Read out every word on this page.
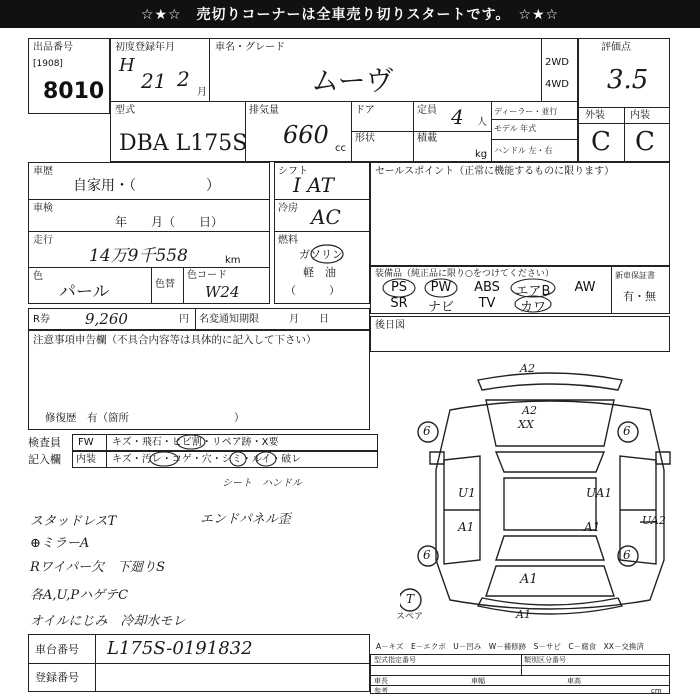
☆★☆　売切りコーナーは全車売り切りスタートです。　☆★☆
出品番号
[1908]
8010
初度登録年月
H
21 2
月
車名・グレード
ムーヴ
2WD
4WD
型式
DBA L175S
排気量
660 cc
ドア
形状
定員 4 人
積載
kg
ディーラー・並行
モデル 年式
ハンドル 左・右
評価点
3.5
外装	内装
C C
車歴
自家用・（　　　　　）
車検
年　　月（　　日）
走行
14万9千558	km
色
パール	色替
色コード
W24
シフト
I AT
冷房 AC
燃料
ガソリン
軽　油
（　　　）
セールスポイント（正常に機能するものに限ります）
装備品（純正品に限り○をつけてください）	新車保証書
有・無
PS	PW	ABS	エアB	AW
SR	ナビ	TV	カワ
R券 9,260	円 名変通知期限	月　　日
注意事項申告欄（不具合内容等は具体的に記入して下さい）
修復歴　有（箇所　　　　　　　　　　）
後日図
検査員
記入欄
FW キズ・飛石・ヒビ割・リペア跡・X要
内装 キズ・汚レ・コゲ・穴・シミ・ルイ・破レ
シート　ハンドル
スタッドレスT	エンドパネル歪
⊕ミラーA
Rワイパー欠　下廻りS
各A,U,PハゲテC
オイルにじみ　冷却水モレ
A2
A2
XX
U1
A1
UA1
A1	UA2
A1
6	6
6	6
A1
T
スペア
車台番号 L175S-0191832
登録番号
A－キズ　E－エクボ　U－凹み　W－補修跡　S－サビ　C－腐食　XX－交換済
型式指定番号	類別区分番号
車長	車幅	車高
参考	cm
